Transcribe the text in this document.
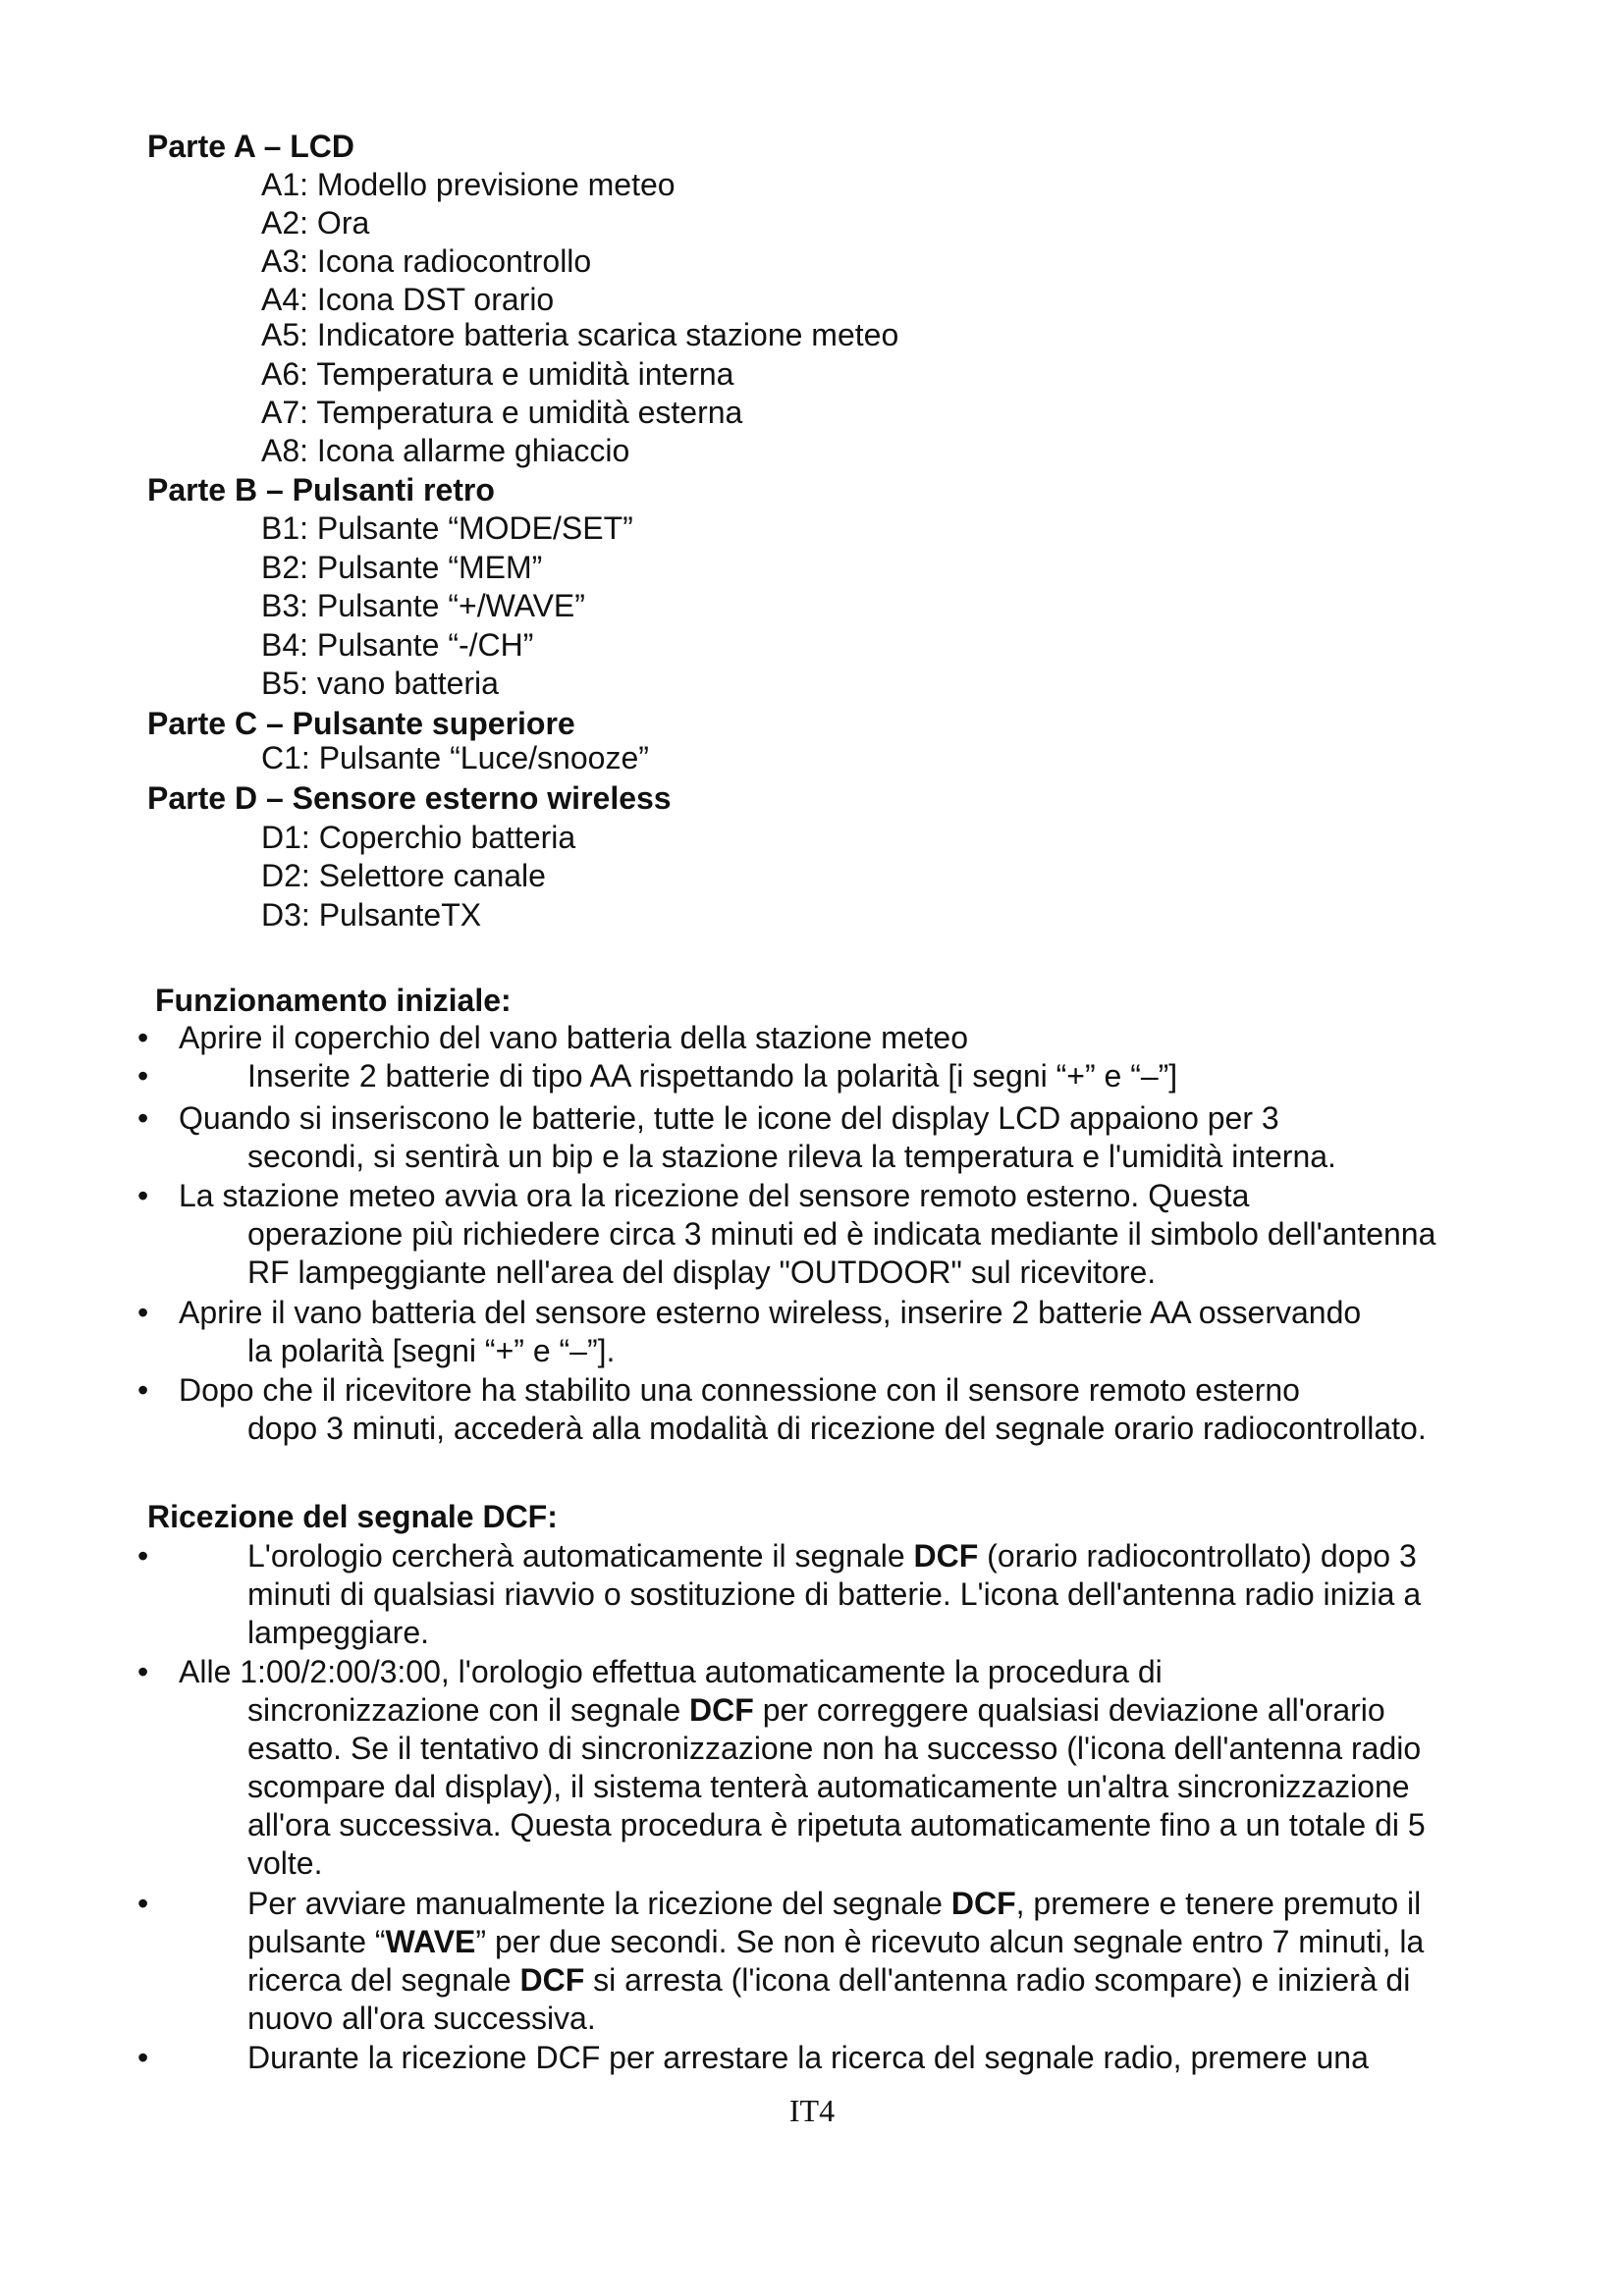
Parte A – LCD
A1: Modello previsione meteo
A2: Ora
A3: Icona radiocontrollo
A4: Icona DST orario
A5: Indicatore batteria scarica stazione meteo
A6: Temperatura e umidità interna
A7: Temperatura e umidità esterna
A8: Icona allarme ghiaccio
Parte B – Pulsanti retro
B1: Pulsante “MODE/SET”
B2: Pulsante “MEM”
B3: Pulsante “+/WAVE”
B4: Pulsante “-/CH”
B5: vano batteria
Parte C – Pulsante superiore
C1: Pulsante “Luce/snooze”
Parte D – Sensore esterno wireless
D1: Coperchio batteria
D2: Selettore canale
D3: PulsanteTX
Funzionamento iniziale:
• Aprire il coperchio del vano batteria della stazione meteo
•	Inserite 2 batterie di tipo AA rispettando la polarità [i segni “+” e “–”]
• Quando si inseriscono le batterie, tutte le icone del display LCD appaiono per 3
secondi, si sentirà un bip e la stazione rileva la temperatura e l'umidità interna.
• La stazione meteo avvia ora la ricezione del sensore remoto esterno. Questa
operazione più richiedere circa 3 minuti ed è indicata mediante il simbolo dell'antenna
RF lampeggiante nell'area del display "OUTDOOR" sul ricevitore.
• Aprire il vano batteria del sensore esterno wireless, inserire 2 batterie AA osservando
la polarità [segni “+” e “–”].
• Dopo che il ricevitore ha stabilito una connessione con il sensore remoto esterno
dopo 3 minuti, accederà alla modalità di ricezione del segnale orario radiocontrollato.
Ricezione del segnale DCF:
•	L'orologio cercherà automaticamente il segnale DCF (orario radiocontrollato) dopo 3
minuti di qualsiasi riavvio o sostituzione di batterie. L'icona dell'antenna radio inizia a
lampeggiare.
• Alle 1:00/2:00/3:00, l'orologio effettua automaticamente la procedura di
sincronizzazione con il segnale DCF per correggere qualsiasi deviazione all'orario
esatto. Se il tentativo di sincronizzazione non ha successo (l'icona dell'antenna radio
scompare dal display), il sistema tenterà automaticamente un'altra sincronizzazione
all'ora successiva. Questa procedura è ripetuta automaticamente fino a un totale di 5
volte.
•	Per avviare manualmente la ricezione del segnale DCF, premere e tenere premuto il
pulsante “WAVE” per due secondi. Se non è ricevuto alcun segnale entro 7 minuti, la
ricerca del segnale DCF si arresta (l'icona dell'antenna radio scompare) e inizierà di
nuovo all'ora successiva.
•	Durante la ricezione DCF per arrestare la ricerca del segnale radio, premere una
IT4
